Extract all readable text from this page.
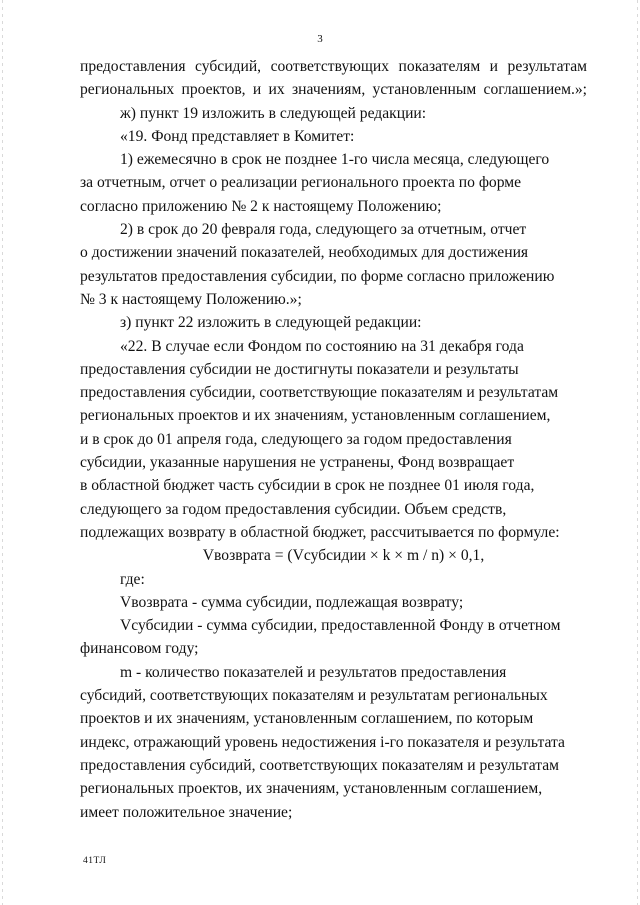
3

предоставления субсидий, соответствующих показателям и результатам
региональных проектов, и их значениям, установленным соглашением.»;

ж) пункт 19 изложить в следующей редакции:

«19. Фонд представляет в Комитет:

1) ежемесячно в срок не позднее 1-го числа месяца, следующего
за отчетным, отчет о реализации регионального проекта по форме
согласно приложению № 2 к настоящему Положению;

2) в срок до 20 февраля года, следующего за отчетным, отчет
о достижении значений показателей, необходимых для достижения
результатов предоставления субсидии, по форме согласно приложению
№ 3 к настоящему Положению.»;

з) пункт 22 изложить в следующей редакции:

«22. В случае если Фондом по состоянию на 31 декабря года
предоставления субсидии не достигнуты показатели и результаты
предоставления субсидии, соответствующие показателям и результатам
региональных проектов и их значениям, установленным соглашением,
и в срок до 01 апреля года, следующего за годом предоставления
субсидии, указанные нарушения не устранены, Фонд возвращает
в областной бюджет часть субсидии в срок не позднее 01 июля года,
следующего за годом предоставления субсидии. Объем средств,
подлежащих возврату в областной бюджет, рассчитывается по формуле:

Vвозврата = (Vсубсидии × k × m / n) × 0,1,

где:

Vвозврата - сумма субсидии, подлежащая возврату;

Vсубсидии - сумма субсидии, предоставленной Фонду в отчетном
финансовом году;

m - количество показателей и результатов предоставления
субсидий, соответствующих показателям и результатам региональных
проектов и их значениям, установленным соглашением, по которым
индекс, отражающий уровень недостижения i-го показателя и результата
предоставления субсидий, соответствующих показателям и результатам
региональных проектов, их значениям, установленным соглашением,
имеет положительное значение;

41ТЛ
